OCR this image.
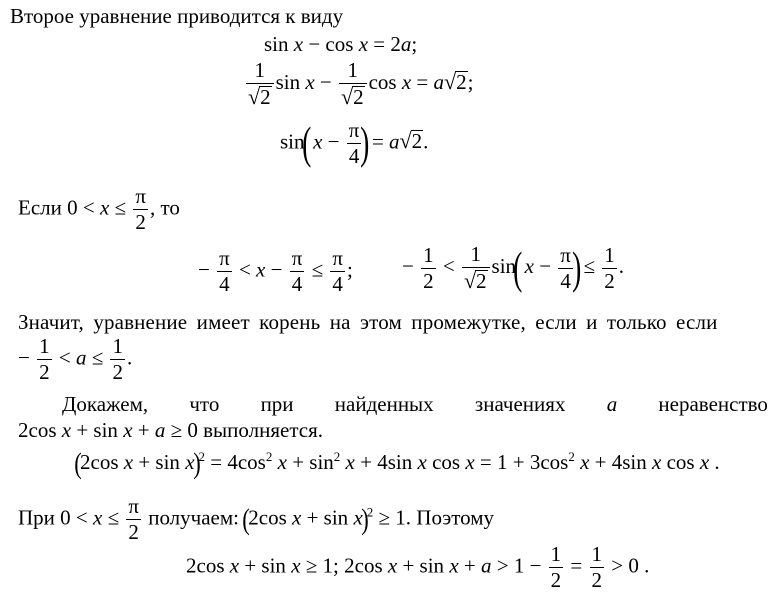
Второе уравнение приводится к виду
sin x − cos x = 2a;
$\frac{1}{√ 2}$ $\sin x - \frac{1}{√ 2}$ cos x = a √ 2 ;
sin( $x - \frac{\pi}{4}$ ) = a √ 2 .
Если $0 < x \le \frac{\pi}{2}$ , то
− $\frac{\pi}{4} < x - \frac{\pi}{4} \le \frac{\pi}{4}$ ; − $\frac{1}{2} < \frac{1}{√ 2} \sin$( $x - \frac{\pi}{4}$ ) ≤ $\frac{1}{2}$ .
Значит, уравнение имеет корень на этом промежутке, если и только если
− $\frac{1}{2} < a \le \frac{1}{2}$ .
Докажем, что при найденных значениях a неравенство
2cos x + sin x + a ≥ 0 выполняется.
(2cos $x + \sin x)^2 = 4\cos^2$ $x + \sin^2 x + 4\sin$ x $\cos x = 1 + 3\cos^2$ x + 4sin x cos x .
При $0 < x \le \frac{\pi}{2}$ получаем: (2cos x + sin x)$^2$ ≥ 1. Поэтому
2cos x + sin x ≥ 1; 2cos $x + \sin x + a > 1 - \frac{1}{2} = \frac{1}{2} > 0$ .
